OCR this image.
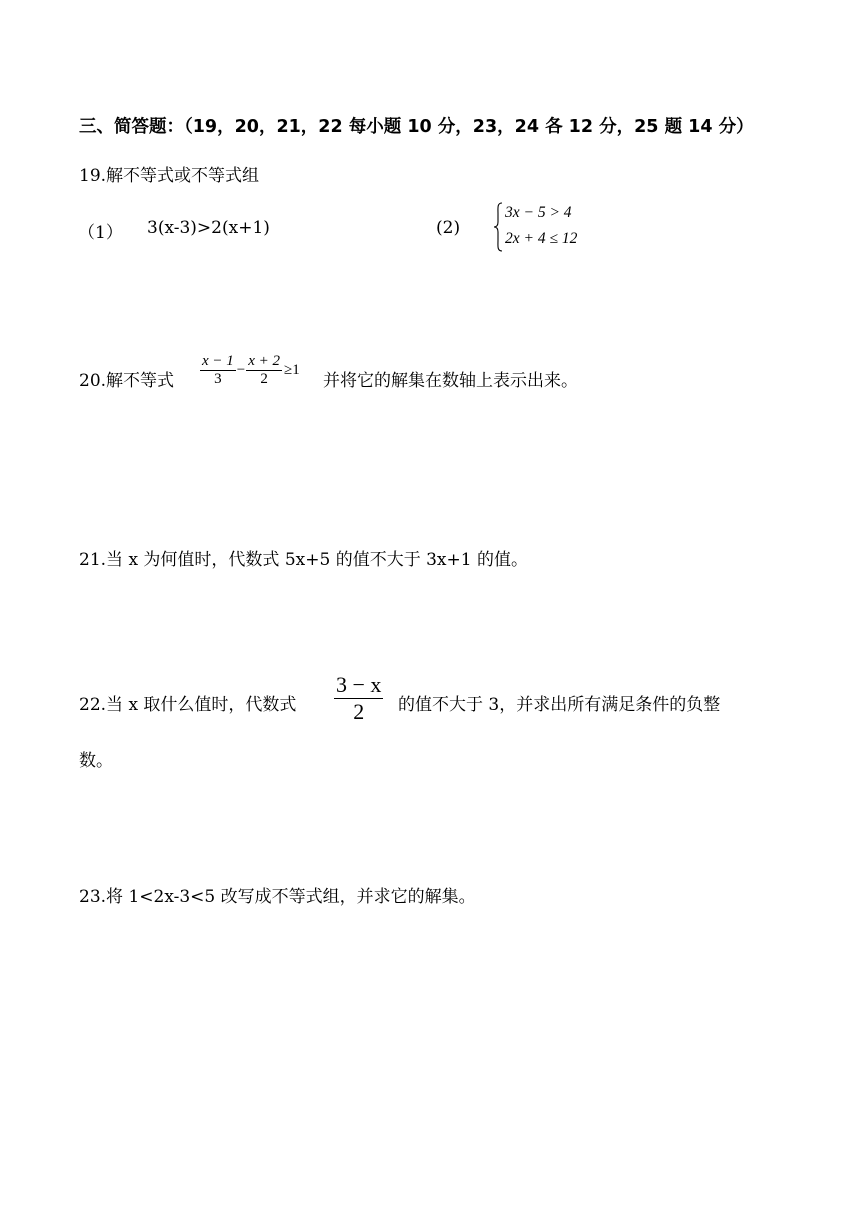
三、简答题：（19，20，21，22 每小题 10 分，23，24 各 12 分，25 题 14 分）
19.解不等式或不等式组
（1） 3(x-3)>2(x+1)	(2)
3x − 5 > 4
2x + 4 ≤ 12
20.解不等式 $\frac{x - 1}{3} - \frac{x + 2}{2} \ge 1$
并将它的解集在数轴上表示出来。
21.当 x 为何值时，代数式 5x+5 的值不大于 3x+1 的值。
22.当 x 取什么值时，代数式 $\frac{3 - x}{2}$ 的值不大于 3，并求出所有满足条件的负整
数。
23.将 1<2x-3<5 改写成不等式组，并求它的解集。
